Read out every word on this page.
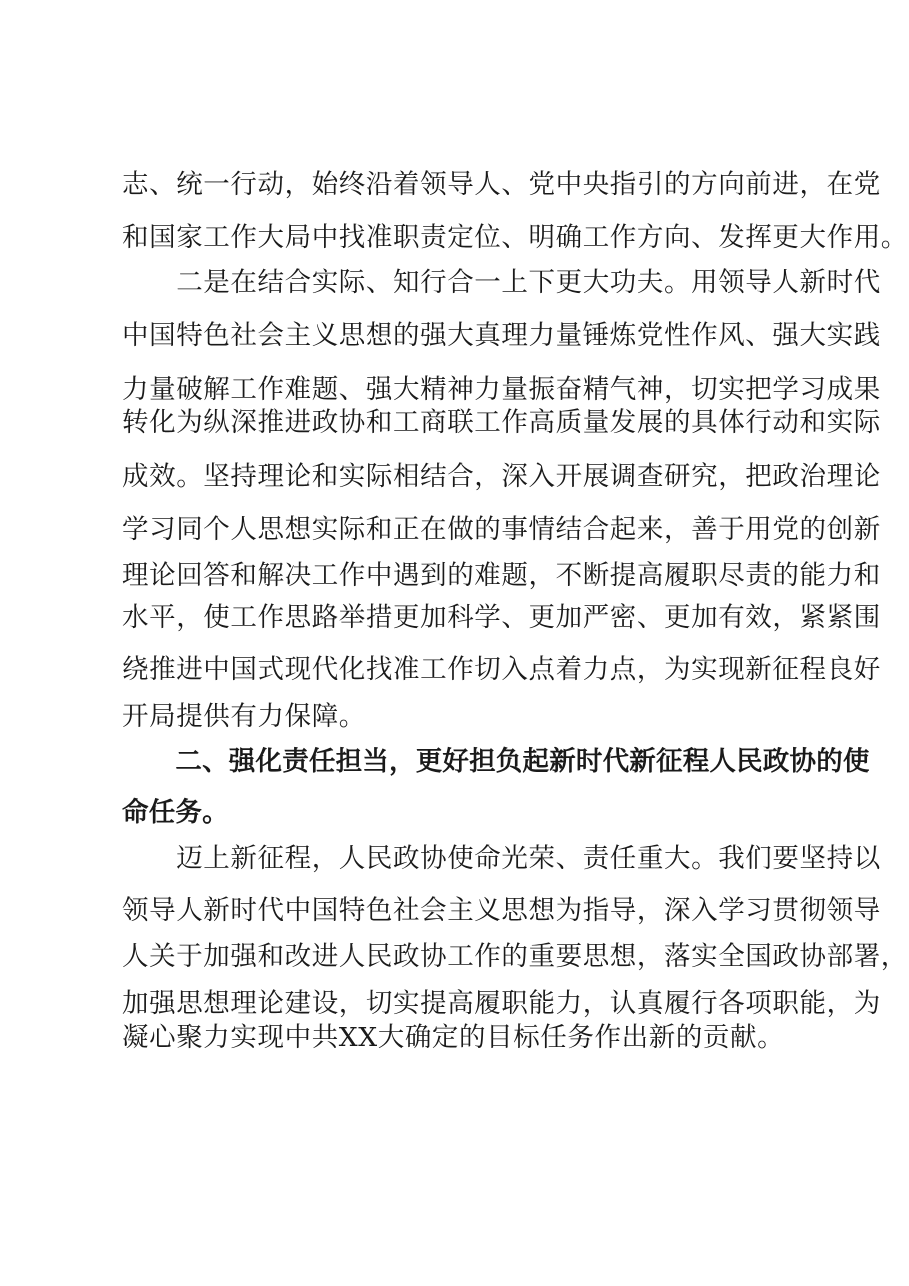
志、统一行动，始终沿着领导人、党中央指引的方向前进，在党
和国家工作大局中找准职责定位、明确工作方向、发挥更大作用。
　　二是在结合实际、知行合一上下更大功夫。用领导人新时代
中国特色社会主义思想的强大真理力量锤炼党性作风、强大实践
力量破解工作难题、强大精神力量振奋精气神，切实把学习成果
转化为纵深推进政协和工商联工作高质量发展的具体行动和实际
成效。坚持理论和实际相结合，深入开展调查研究，把政治理论
学习同个人思想实际和正在做的事情结合起来，善于用党的创新
理论回答和解决工作中遇到的难题，不断提高履职尽责的能力和
水平，使工作思路举措更加科学、更加严密、更加有效，紧紧围
绕推进中国式现代化找准工作切入点着力点，为实现新征程良好
开局提供有力保障。
　　二、强化责任担当，更好担负起新时代新征程人民政协的使
命任务。
　　迈上新征程，人民政协使命光荣、责任重大。我们要坚持以
领导人新时代中国特色社会主义思想为指导，深入学习贯彻领导
人关于加强和改进人民政协工作的重要思想，落实全国政协部署，
加强思想理论建设，切实提高履职能力，认真履行各项职能，为
凝心聚力实现中共XX大确定的目标任务作出新的贡献。
